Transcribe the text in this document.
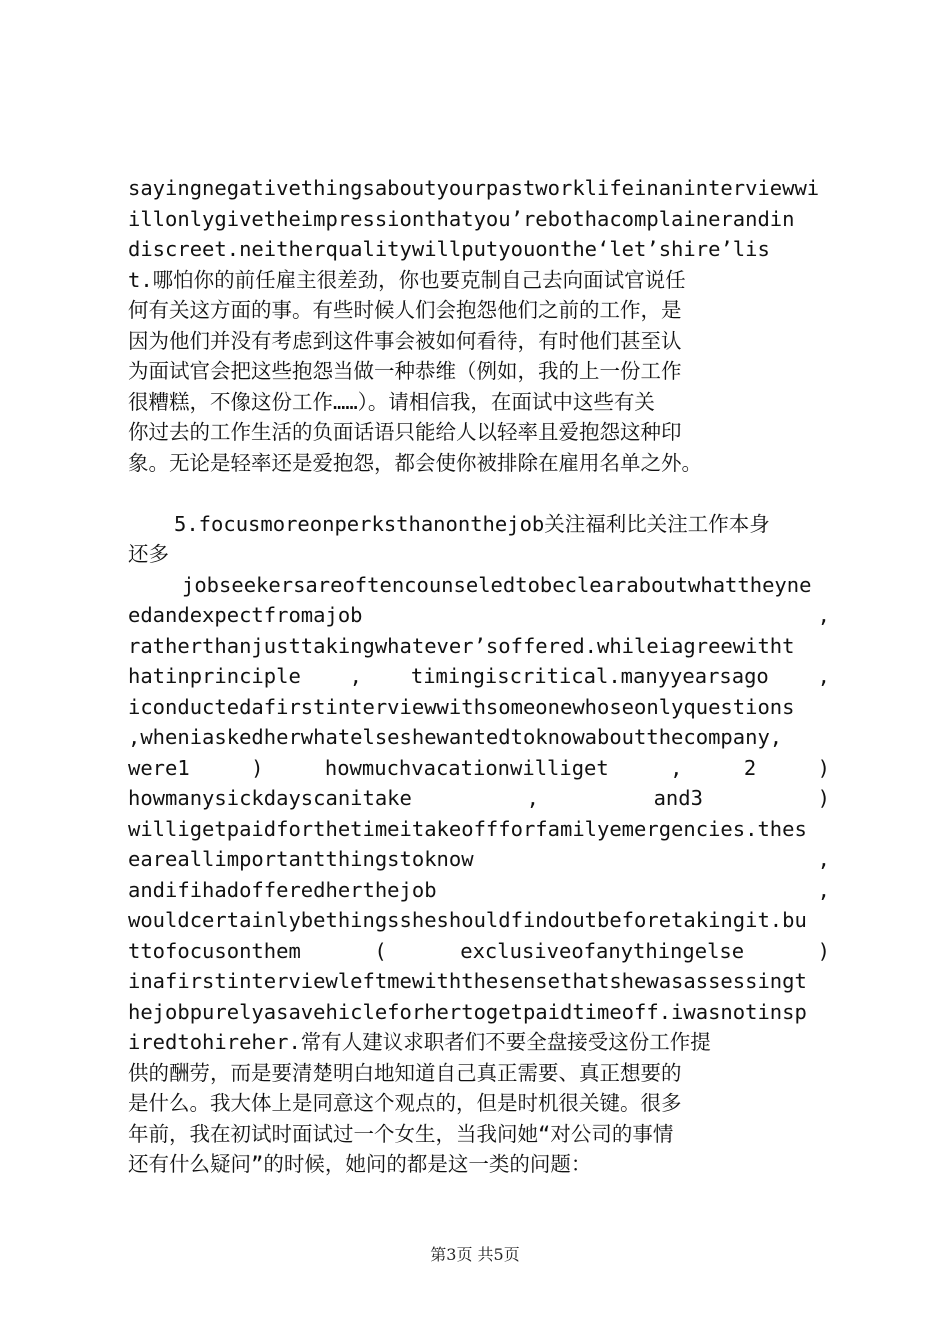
sayingnegativethingsaboutyourpastworklifeinaninterviewwi
illonlygivetheimpressionthatyou’rebothacomplainerandin
discreet.neitherqualitywillputyouonthe‘let’shire’lis
t.哪怕你的前任雇主很差劲，你也要克制自己去向面试官说任
何有关这方面的事。有些时候人们会抱怨他们之前的工作，是
因为他们并没有考虑到这件事会被如何看待，有时他们甚至认
为面试官会把这些抱怨当做一种恭维（例如，我的上一份工作
很糟糕，不像这份工作……）。请相信我，在面试中这些有关
你过去的工作生活的负面话语只能给人以轻率且爱抱怨这种印
象。无论是轻率还是爱抱怨，都会使你被排除在雇用名单之外。
5.focusmoreonperksthanonthejob关注福利比关注工作本身
还多
jobseekersareoftencounseledtobeclearaboutwhattheyne
edandexpectfromajob	,
ratherthanjusttakingwhatever’soffered.whileiagreewitht
hatinprinciple , timingiscritical.manyyearsago ,
iconductedafirstinterviewwithsomeonewhoseonlyquestions
,wheniaskedherwhatelseshewantedtoknowaboutthecompany,
were1	)	howmuchvacationwilliget	,	2	)
howmanysickdayscanitake	,	and3	)
willigetpaidforthetimeitakeoffforfamilyemergencies.thes
eareallimportantthingstoknow	,
andifihadofferedherthejob	,
wouldcertainlybethingssheshouldfindoutbeforetakingit.bu
ttofocusonthem	(	exclusiveofanythingelse	)
inafirstinterviewleftmewiththesensethatshewasassessingt
hejobpurelyasavehicleforhertogetpaidtimeoff.iwasnotinsp
iredtohireher.常有人建议求职者们不要全盘接受这份工作提
供的酬劳，而是要清楚明白地知道自己真正需要、真正想要的
是什么。我大体上是同意这个观点的，但是时机很关键。很多
年前，我在初试时面试过一个女生，当我问她“对公司的事情
还有什么疑问”的时候，她问的都是这一类的问题：
第3页 共5页
